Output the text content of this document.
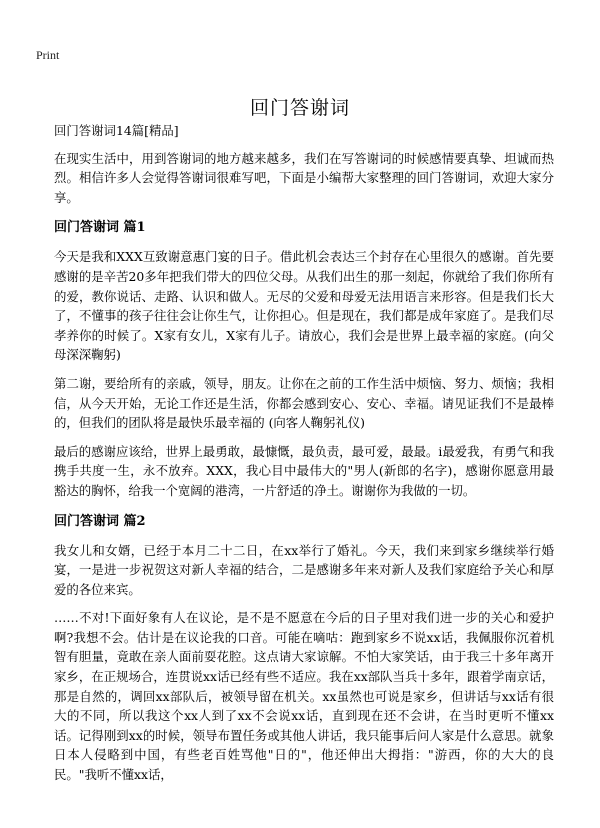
Print
回门答谢词

回门答谢词14篇[精品]

在现实生活中，用到答谢词的地方越来越多，我们在写答谢词的时候感情要真挚、坦诚而热烈。相信许多人会觉得答谢词很难写吧，下面是小编帮大家整理的回门答谢词，欢迎大家分享。

回门答谢词 篇1

今天是我和XXX互致谢意惠门宴的日子。借此机会表达三个封存在心里很久的感谢。首先要感谢的是辛苦20多年把我们带大的四位父母。从我们出生的那一刻起，你就给了我们你所有的爱，教你说话、走路、认识和做人。无尽的父爱和母爱无法用语言来形容。但是我们长大了，不懂事的孩子往往会让你生气，让你担心。但是现在，我们都是成年家庭了。是我们尽孝养你的时候了。X家有女儿，X家有儿子。请放心，我们会是世界上最幸福的家庭。(向父母深深鞠躬)

第二谢，要给所有的亲戚，领导，朋友。让你在之前的工作生活中烦恼、努力、烦恼；我相信，从今天开始，无论工作还是生活，你都会感到安心、安心、幸福。请见证我们不是最棒的，但我们的团队将是最快乐最幸福的 (向客人鞠躬礼仪)

最后的感谢应该给，世界上最勇敢，最慷慨，最负责，最可爱，最最。i最爱我，有勇气和我携手共度一生，永不放弃。XXX，我心目中最伟大的"男人(新郎的名字)，感谢你愿意用最豁达的胸怀，给我一个宽阔的港湾，一片舒适的净土。谢谢你为我做的一切。

回门答谢词 篇2

我女儿和女婿，已经于本月二十二日，在xx举行了婚礼。今天，我们来到家乡继续举行婚宴，一是进一步祝贺这对新人幸福的结合，二是感谢多年来对新人及我们家庭给予关心和厚爱的各位来宾。

……不对!下面好象有人在议论，是不是不愿意在今后的日子里对我们进一步的关心和爱护啊?我想不会。估计是在议论我的口音。可能在嘀咕：跑到家乡不说xx话，我佩服你沉着机智有胆量，竟敢在亲人面前耍花腔。这点请大家谅解。不怕大家笑话，由于我三十多年离开家乡，在正规场合，连贯说xx话已经有些不适应。我在xx部队当兵十多年，跟着学南京话，那是自然的，调回xx部队后，被领导留在机关。xx虽然也可说是家乡，但讲话与xx话有很大的不同，所以我这个xx人到了xx不会说xx话，直到现在还不会讲，在当时更听不懂xx话。记得刚到xx的时候，领导布置任务或其他人讲话，我只能事后问人家是什么意思。就象日本人侵略到中国，有些老百姓骂他"日的"，他还伸出大拇指："游西，你的大大的良民。"我听不懂xx话，
